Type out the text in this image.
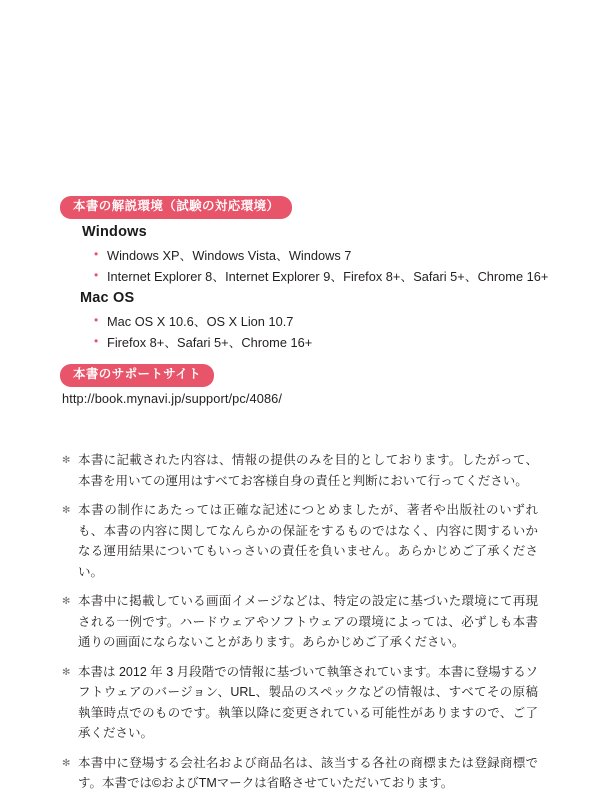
本書の解説環境（試験の対応環境）
Windows
• Windows XP、Windows Vista、Windows 7
• Internet Explorer 8、Internet Explorer 9、Firefox 8+、Safari 5+、Chrome 16+
Mac OS
• Mac OS X 10.6、OS X Lion 10.7
• Firefox 8+、Safari 5+、Chrome 16+
本書のサポートサイト
http://book.mynavi.jp/support/pc/4086/
✻ 本書に記載された内容は、情報の提供のみを目的としております。したがって、本書を用いての運用はすべてお客様自身の責任と判断において行ってください。
✻ 本書の制作にあたっては正確な記述につとめましたが、著者や出版社のいずれも、本書の内容に関してなんらかの保証をするものではなく、内容に関するいかなる運用結果についてもいっさいの責任を負いません。あらかじめご了承ください。
✻ 本書中に掲載している画面イメージなどは、特定の設定に基づいた環境にて再現される一例です。ハードウェアやソフトウェアの環境によっては、必ずしも本書通りの画面にならないことがあります。あらかじめご了承ください。
✻ 本書は 2012 年 3 月段階での情報に基づいて執筆されています。本書に登場するソフトウェアのバージョン、URL、製品のスペックなどの情報は、すべてその原稿執筆時点でのものです。執筆以降に変更されている可能性がありますので、ご了承ください。
✻ 本書中に登場する会社名および商品名は、該当する各社の商標または登録商標です。本書では©およびTMマークは省略させていただいております。
